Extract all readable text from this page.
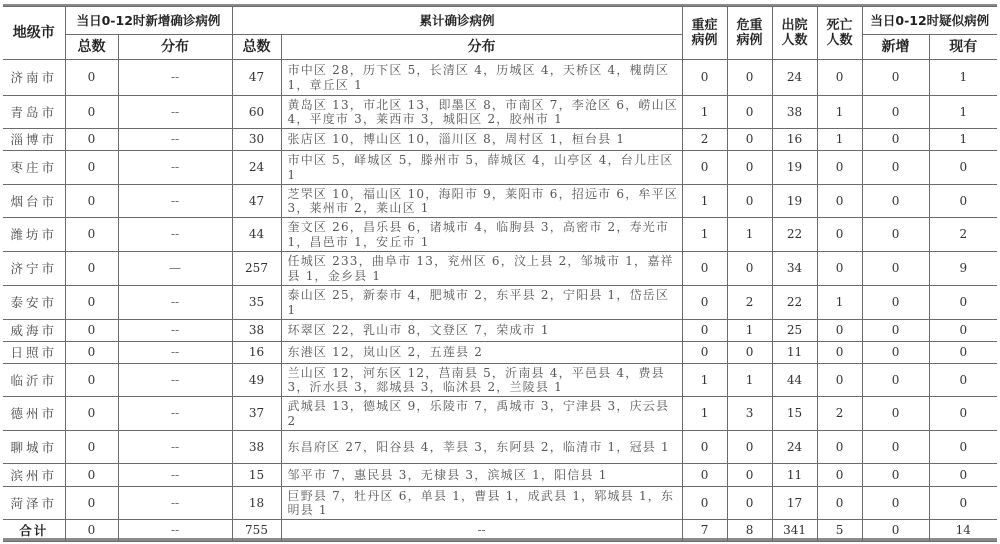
地级市	当日0-12时新增确诊病例		累计确诊病例		重症病例	危重病例	出院人数	死亡人数	当日0-12时疑似病例	
	总数	分布	总数	分布					新增	现有
济南市	0	--	47	市中区 28，历下区 5，长清区 4，历城区 4，天桥区 4，槐荫区 1，章丘区 1	0	0	24	0	0	1
青岛市	0	--	60	黄岛区 13，市北区 13，即墨区 8，市南区 7，李沧区 6，崂山区 4，平度市 3，莱西市 3，城阳区 2，胶州市 1	1	0	38	1	0	1
淄博市	0	--	30	张店区 10，博山区 10，淄川区 8，周村区 1，桓台县 1	2	0	16	1	0	1
枣庄市	0	--	24	市中区 5，峄城区 5，滕州市 5，薛城区 4，山亭区 4，台儿庄区 1	0	0	19	0	0	0
烟台市	0	--	47	芝罘区 10，福山区 10，海阳市 9，莱阳市 6，招远市 6，牟平区 3，莱州市 2，莱山区 1	1	0	19	0	0	0
潍坊市	0	--	44	奎文区 26，昌乐县 6，诸城市 4，临朐县 3，高密市 2，寿光市 1，昌邑市 1，安丘市 1	1	1	22	0	0	2
济宁市	0	—	257	任城区 233，曲阜市 13，兖州区 6，汶上县 2，邹城市 1，嘉祥县 1，金乡县 1	0	0	34	0	0	9
泰安市	0	--	35	泰山区 25，新泰市 4，肥城市 2，东平县 2，宁阳县 1，岱岳区 1	0	2	22	1	0	0
威海市	0	--	38	环翠区 22，乳山市 8，文登区 7，荣成市 1	0	1	25	0	0	0
日照市	0	--	16	东港区 12，岚山区 2，五莲县 2	0	0	11	0	0	0
临沂市	0	--	49	兰山区 12，河东区 12，莒南县 5，沂南县 4，平邑县 4，费县 3，沂水县 3，郯城县 3，临沭县 2，兰陵县 1	1	1	44	0	0	0
德州市	0	--	37	武城县 13，德城区 9，乐陵市 7，禹城市 3，宁津县 3，庆云县 2	1	3	15	2	0	0
聊城市	0	--	38	东昌府区 27，阳谷县 4，莘县 3，东阿县 2，临清市 1，冠县 1	0	0	24	0	0	0
滨州市	0	--	15	邹平市 7，惠民县 3，无棣县 3，滨城区 1，阳信县 1	0	0	11	0	0	0
菏泽市	0	--	18	巨野县 7，牡丹区 6，单县 1，曹县 1，成武县 1，郓城县 1，东明县 1	0	0	17	0	0	0
合计	0	--	755	--	7	8	341	5	0	14
